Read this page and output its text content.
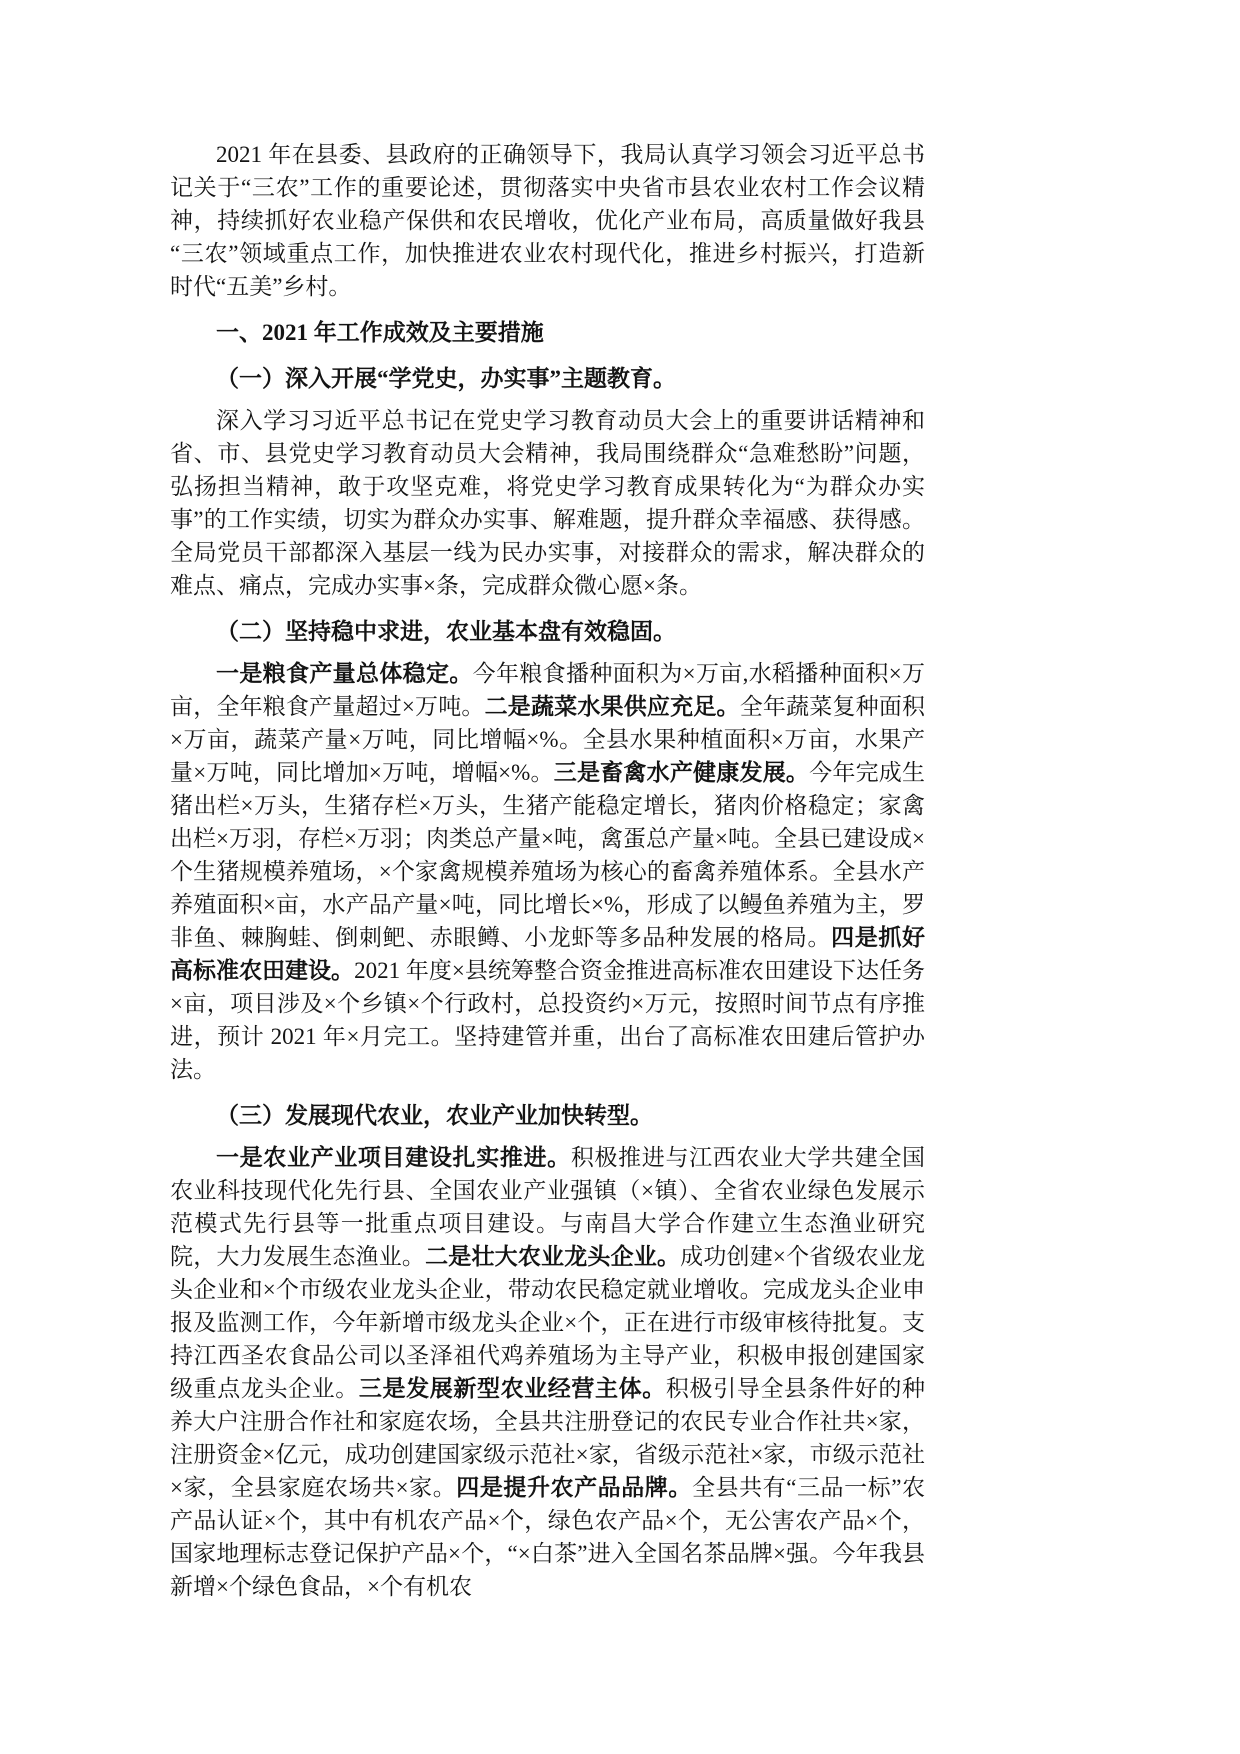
2021 年在县委、县政府的正确领导下，我局认真学习领会习近平总书记关于“三农”工作的重要论述，贯彻落实中央省市县农业农村工作会议精神，持续抓好农业稳产保供和农民增收，优化产业布局，高质量做好我县“三农”领域重点工作，加快推进农业农村现代化，推进乡村振兴，打造新时代“五美”乡村。

一、2021 年工作成效及主要措施

（一）深入开展“学党史，办实事”主题教育。

深入学习习近平总书记在党史学习教育动员大会上的重要讲话精神和省、市、县党史学习教育动员大会精神，我局围绕群众“急难愁盼”问题，弘扬担当精神，敢于攻坚克难，将党史学习教育成果转化为“为群众办实事”的工作实绩，切实为群众办实事、解难题，提升群众幸福感、获得感。全局党员干部都深入基层一线为民办实事，对接群众的需求，解决群众的难点、痛点，完成办实事×条，完成群众微心愿×条。

（二）坚持稳中求进，农业基本盘有效稳固。

一是粮食产量总体稳定。今年粮食播种面积为×万亩,水稻播种面积×万亩，全年粮食产量超过×万吨。二是蔬菜水果供应充足。全年蔬菜复种面积×万亩，蔬菜产量×万吨，同比增幅×%。全县水果种植面积×万亩，水果产量×万吨，同比增加×万吨，增幅×%。三是畜禽水产健康发展。今年完成生猪出栏×万头，生猪存栏×万头，生猪产能稳定增长，猪肉价格稳定；家禽出栏×万羽，存栏×万羽；肉类总产量×吨，禽蛋总产量×吨。全县已建设成×个生猪规模养殖场，×个家禽规模养殖场为核心的畜禽养殖体系。全县水产养殖面积×亩，水产品产量×吨，同比增长×%，形成了以鳗鱼养殖为主，罗非鱼、棘胸蛙、倒刺鲃、赤眼鳟、小龙虾等多品种发展的格局。四是抓好高标准农田建设。2021 年度×县统筹整合资金推进高标准农田建设下达任务×亩，项目涉及×个乡镇×个行政村，总投资约×万元，按照时间节点有序推进，预计 2021 年×月完工。坚持建管并重，出台了高标准农田建后管护办法。

（三）发展现代农业，农业产业加快转型。

一是农业产业项目建设扎实推进。积极推进与江西农业大学共建全国农业科技现代化先行县、全国农业产业强镇（×镇）、全省农业绿色发展示范模式先行县等一批重点项目建设。与南昌大学合作建立生态渔业研究院，大力发展生态渔业。二是壮大农业龙头企业。成功创建×个省级农业龙头企业和×个市级农业龙头企业，带动农民稳定就业增收。完成龙头企业申报及监测工作，今年新增市级龙头企业×个，正在进行市级审核待批复。支持江西圣农食品公司以圣泽祖代鸡养殖场为主导产业，积极申报创建国家级重点龙头企业。三是发展新型农业经营主体。积极引导全县条件好的种养大户注册合作社和家庭农场，全县共注册登记的农民专业合作社共×家，注册资金×亿元，成功创建国家级示范社×家，省级示范社×家，市级示范社×家，全县家庭农场共×家。四是提升农产品品牌。全县共有“三品一标”农产品认证×个，其中有机农产品×个，绿色农产品×个，无公害农产品×个，国家地理标志登记保护产品×个，“×白茶”进入全国名茶品牌×强。今年我县新增×个绿色食品，×个有机农
